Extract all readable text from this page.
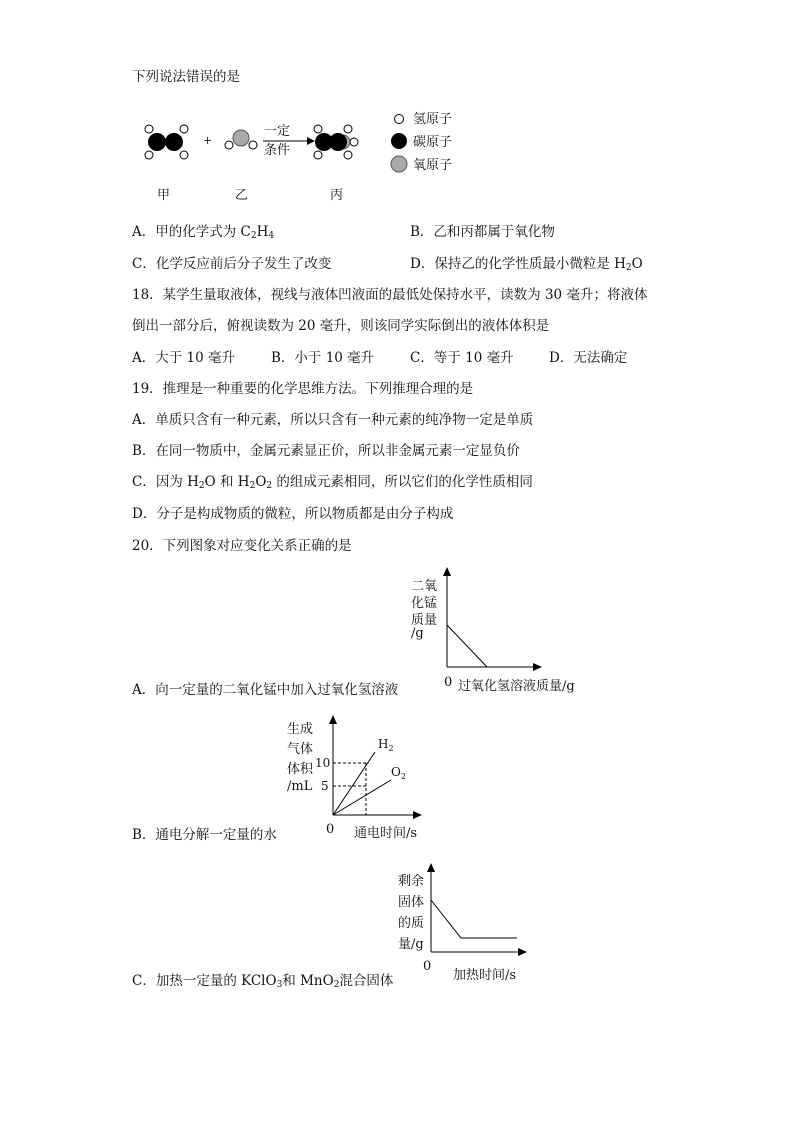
下列说法错误的是
+
一定
条件
氢原子
碳原子
氧原子
甲	乙	丙
A．甲的化学式为 $C_2H_4$	B．乙和丙都属于氧化物
C．化学反应前后分子发生了改变	D．保持乙的化学性质最小微粒是 $H_2O$
18．某学生量取液体，视线与液体凹液面的最低处保持水平，读数为 30 毫升；将液体
倒出一部分后，俯视读数为 20 毫升，则该同学实际倒出的液体体积是
A．大于 10 毫升	B．小于 10 毫升	C．等于 10 毫升	D．无法确定
19．推理是一种重要的化学思维方法。下列推理合理的是
A．单质只含有一种元素，所以只含有一种元素的纯净物一定是单质
B．在同一物质中，金属元素显正价，所以非金属元素一定显负价
C．因为 $H_2O$ 和 $H_2O_2$ 的组成元素相同，所以它们的化学性质相同
D．分子是构成物质的微粒，所以物质都是由分子构成
20．下列图象对应变化关系正确的是
二氧
化锰
质量
/g
0 过氧化氢溶液质量/g
A．向一定量的二氧化锰中加入过氧化氢溶液
生成
气体
体积
/mL
10
5
$H_2$
$O_2$
0 通电时间/s
B．通电分解一定量的水
剩余
固体
的质
量/g
0
加热时间/s
C．加热一定量的 KClO$_3$和 MnO$_2$混合固体
